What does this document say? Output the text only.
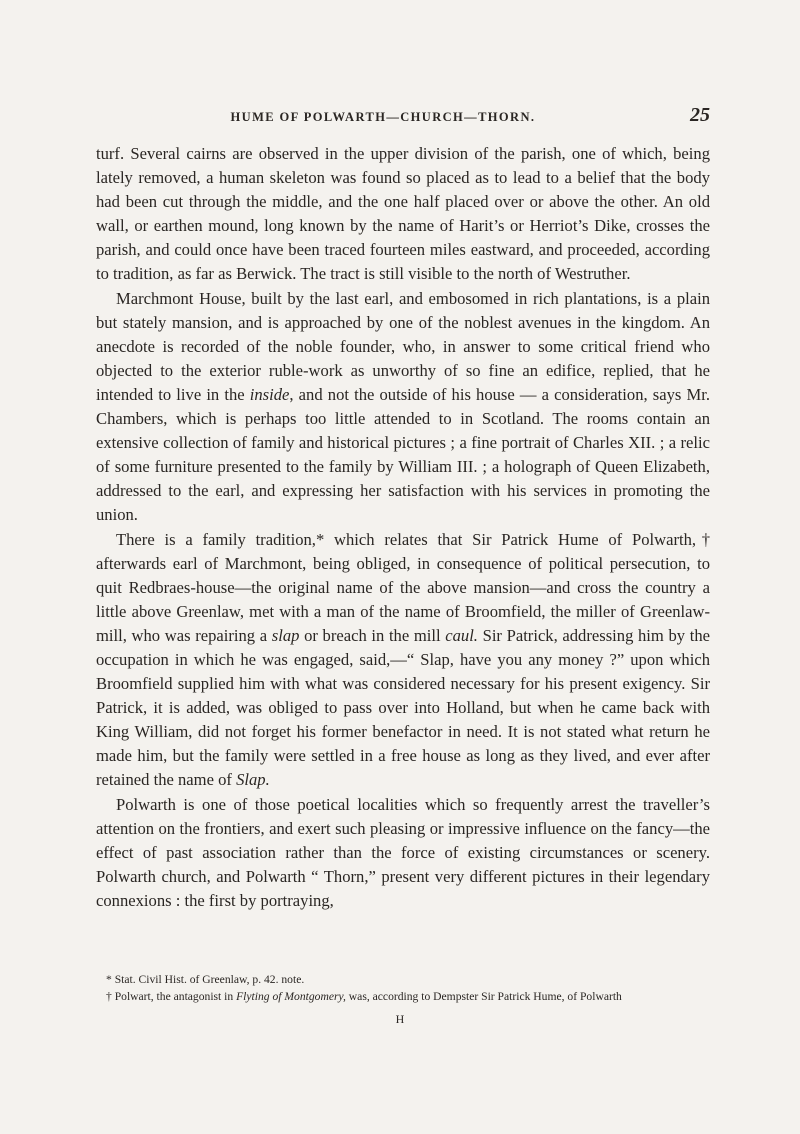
HUME OF POLWARTH—CHURCH—THORN.	25

turf. Several cairns are observed in the upper division of the parish, one of which, being lately removed, a human skeleton was found so placed as to lead to a belief that the body had been cut through the middle, and the one half placed over or above the other. An old wall, or earthen mound, long known by the name of Harit’s or Herriot’s Dike, crosses the parish, and could once have been traced fourteen miles eastward, and proceeded, according to tradition, as far as Berwick. The tract is still visible to the north of Westruther.

Marchmont House, built by the last earl, and embosomed in rich plantations, is a plain but stately mansion, and is approached by one of the noblest avenues in the kingdom. An anecdote is recorded of the noble founder, who, in answer to some critical friend who objected to the exterior ruble-work as unworthy of so fine an edifice, replied, that he intended to live in the inside, and not the outside of his house — a consideration, says Mr. Chambers, which is perhaps too little attended to in Scotland. The rooms contain an extensive collection of family and historical pictures ; a fine portrait of Charles XII. ; a relic of some furniture presented to the family by William III. ; a holograph of Queen Elizabeth, addressed to the earl, and expressing her satisfaction with his services in promoting the union.

There is a family tradition,* which relates that Sir Patrick Hume of Polwarth,† afterwards earl of Marchmont, being obliged, in consequence of political persecution, to quit Redbraes-house—the original name of the above mansion—and cross the country a little above Greenlaw, met with a man of the name of Broomfield, the miller of Greenlaw-mill, who was repairing a slap or breach in the mill caul. Sir Patrick, addressing him by the occupation in which he was engaged, said,—“ Slap, have you any money ?” upon which Broomfield supplied him with what was considered necessary for his present exigency. Sir Patrick, it is added, was obliged to pass over into Holland, but when he came back with King William, did not forget his former benefactor in need. It is not stated what return he made him, but the family were settled in a free house as long as they lived, and ever after retained the name of Slap.

Polwarth is one of those poetical localities which so frequently arrest the traveller’s attention on the frontiers, and exert such pleasing or impressive influence on the fancy—the effect of past association rather than the force of existing circumstances or scenery. Polwarth church, and Polwarth “ Thorn,” present very different pictures in their legendary connexions : the first by portraying,

* Stat. Civil Hist. of Greenlaw, p. 42. note.

† Polwart, the antagonist in Flyting of Montgomery, was, according to Dempster Sir Patrick Hume, of Polwarth

H
